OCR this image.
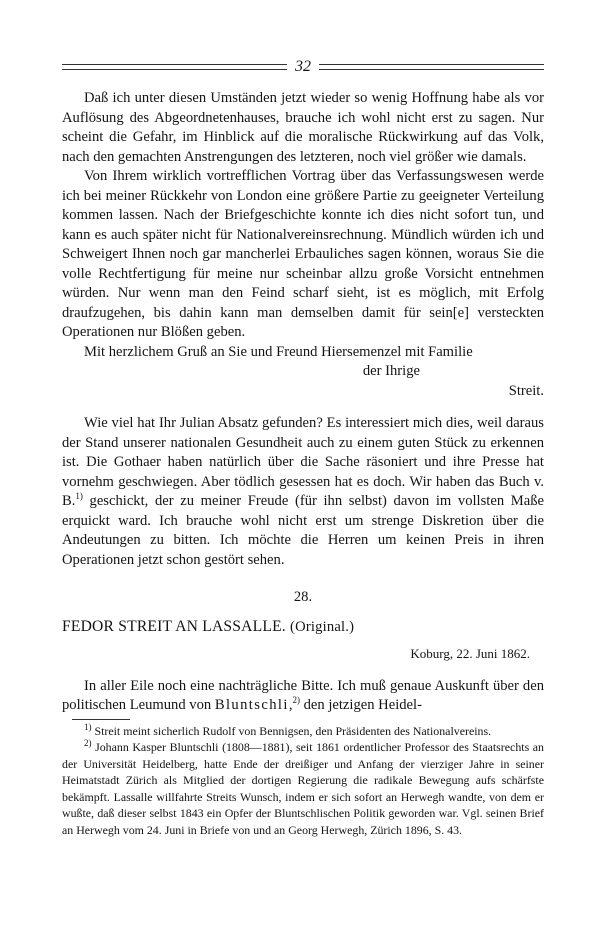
32

Daß ich unter diesen Umständen jetzt wieder so wenig Hoffnung habe als vor Auflösung des Abgeordnetenhauses, brauche ich wohl nicht erst zu sagen. Nur scheint die Gefahr, im Hinblick auf die moralische Rückwirkung auf das Volk, nach den gemachten Anstrengungen des letzteren, noch viel größer wie damals.

Von Ihrem wirklich vortrefflichen Vortrag über das Verfassungswesen werde ich bei meiner Rückkehr von London eine größere Partie zu geeigneter Verteilung kommen lassen. Nach der Briefgeschichte konnte ich dies nicht sofort tun, und kann es auch später nicht für Nationalvereinsrechnung. Mündlich würden ich und Schweigert Ihnen noch gar mancherlei Erbauliches sagen können, woraus Sie die volle Rechtfertigung für meine nur scheinbar allzu große Vorsicht entnehmen würden. Nur wenn man den Feind scharf sieht, ist es möglich, mit Erfolg draufzugehen, bis dahin kann man demselben damit für sein[e] versteckten Operationen nur Blößen geben.

Mit herzlichem Gruß an Sie und Freund Hiersemenzel mit Familie

der Ihrige

Streit.

Wie viel hat Ihr Julian Absatz gefunden? Es interessiert mich dies, weil daraus der Stand unserer nationalen Gesundheit auch zu einem guten Stück zu erkennen ist. Die Gothaer haben natürlich über die Sache räsoniert und ihre Presse hat vornehm geschwiegen. Aber tödlich gesessen hat es doch. Wir haben das Buch v. B.$^{1)}$ geschickt, der zu meiner Freude (für ihn selbst) davon im vollsten Maße erquickt ward. Ich brauche wohl nicht erst um strenge Diskretion über die Andeutungen zu bitten. Ich möchte die Herren um keinen Preis in ihren Operationen jetzt schon gestört sehen.

28.

FEDOR STREIT AN LASSALLE. (Original.)

Koburg, 22. Juni 1862.

In aller Eile noch eine nachträgliche Bitte. Ich muß genaue Auskunft über den politischen Leumund von Bluntschli,$^{2)}$ den jetzigen Heidel-

$^{1)}$ Streit meint sicherlich Rudolf von Bennigsen, den Präsidenten des Nationalvereins.

$^{2)}$ Johann Kasper Bluntschli (1808—1881), seit 1861 ordentlicher Professor des Staatsrechts an der Universität Heidelberg, hatte Ende der dreißiger und Anfang der vierziger Jahre in seiner Heimatstadt Zürich als Mitglied der dortigen Regierung die radikale Bewegung aufs schärfste bekämpft. Lassalle willfahrte Streits Wunsch, indem er sich sofort an Herwegh wandte, von dem er wußte, daß dieser selbst 1843 ein Opfer der Bluntschlischen Politik geworden war. Vgl. seinen Brief an Herwegh vom 24. Juni in Briefe von und an Georg Herwegh, Zürich 1896, S. 43.
